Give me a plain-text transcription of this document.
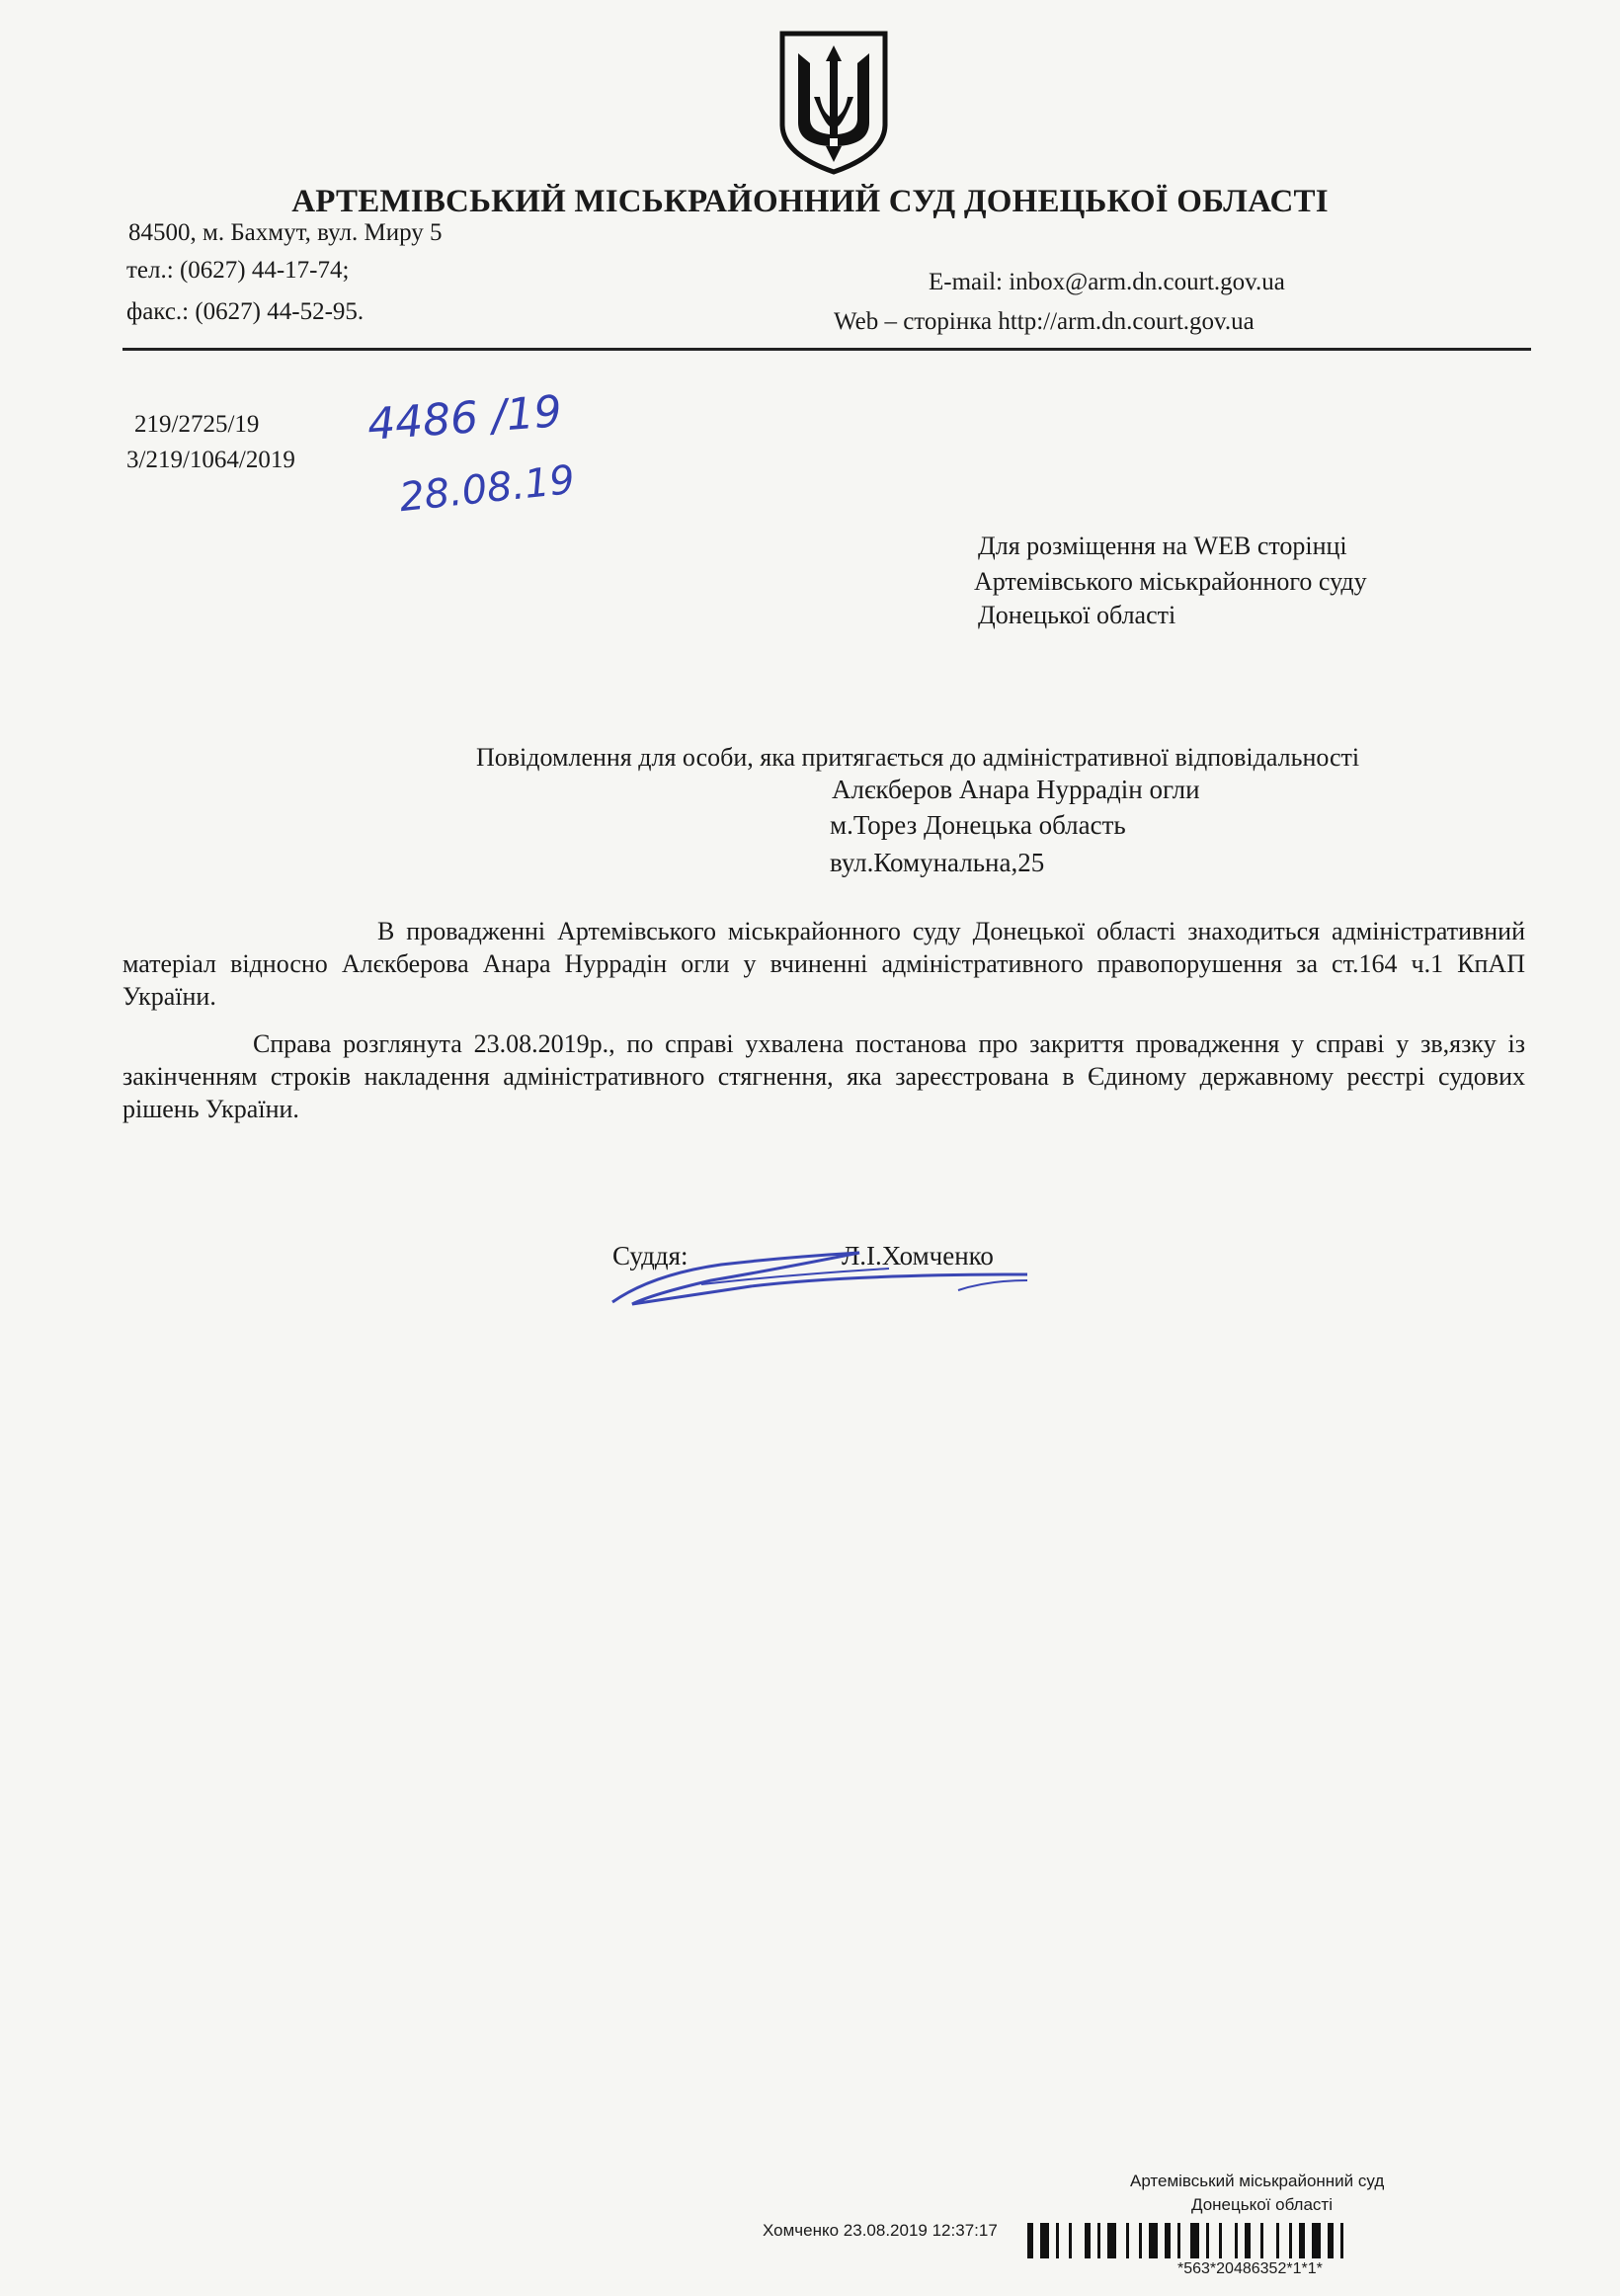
АРТЕМІВСЬКИЙ МІСЬКРАЙОННИЙ СУД ДОНЕЦЬКОЇ ОБЛАСТІ
84500, м. Бахмут, вул. Миру 5
тел.: (0627) 44-17-74;
факс.: (0627) 44-52-95.
E-mail: inbox@arm.dn.court.gov.ua
Web – сторінка http://arm.dn.court.gov.ua
219/2725/19
3/219/1064/2019
4486 /19
28.08.19
Для розміщення на WEB сторінці
Артемівського міськрайонного суду
Донецької області
Повідомлення для особи, яка притягається до адміністративної відповідальності
Алєкберов Анара Нуррадін огли
м.Торез Донецька область
вул.Комунальна,25
В провадженні Артемівського міськрайонного суду Донецької області знаходиться адміністративний матеріал відносно Алєкберова Анара Нуррадін огли у вчиненні адміністративного правопорушення за ст.164 ч.1 КпАП України.
Справа розглянута 23.08.2019р., по справі ухвалена постанова про закриття провадження у справі у зв,язку із закінченням строків накладення адміністративного стягнення, яка зареєстрована в Єдиному державному реєстрі судових рішень України.
Суддя:	Л.І.Хомченко
Артемівський міськрайонний суд
Донецької області
Хомченко 23.08.2019 12:37:17
*563*20486352*1*1*
